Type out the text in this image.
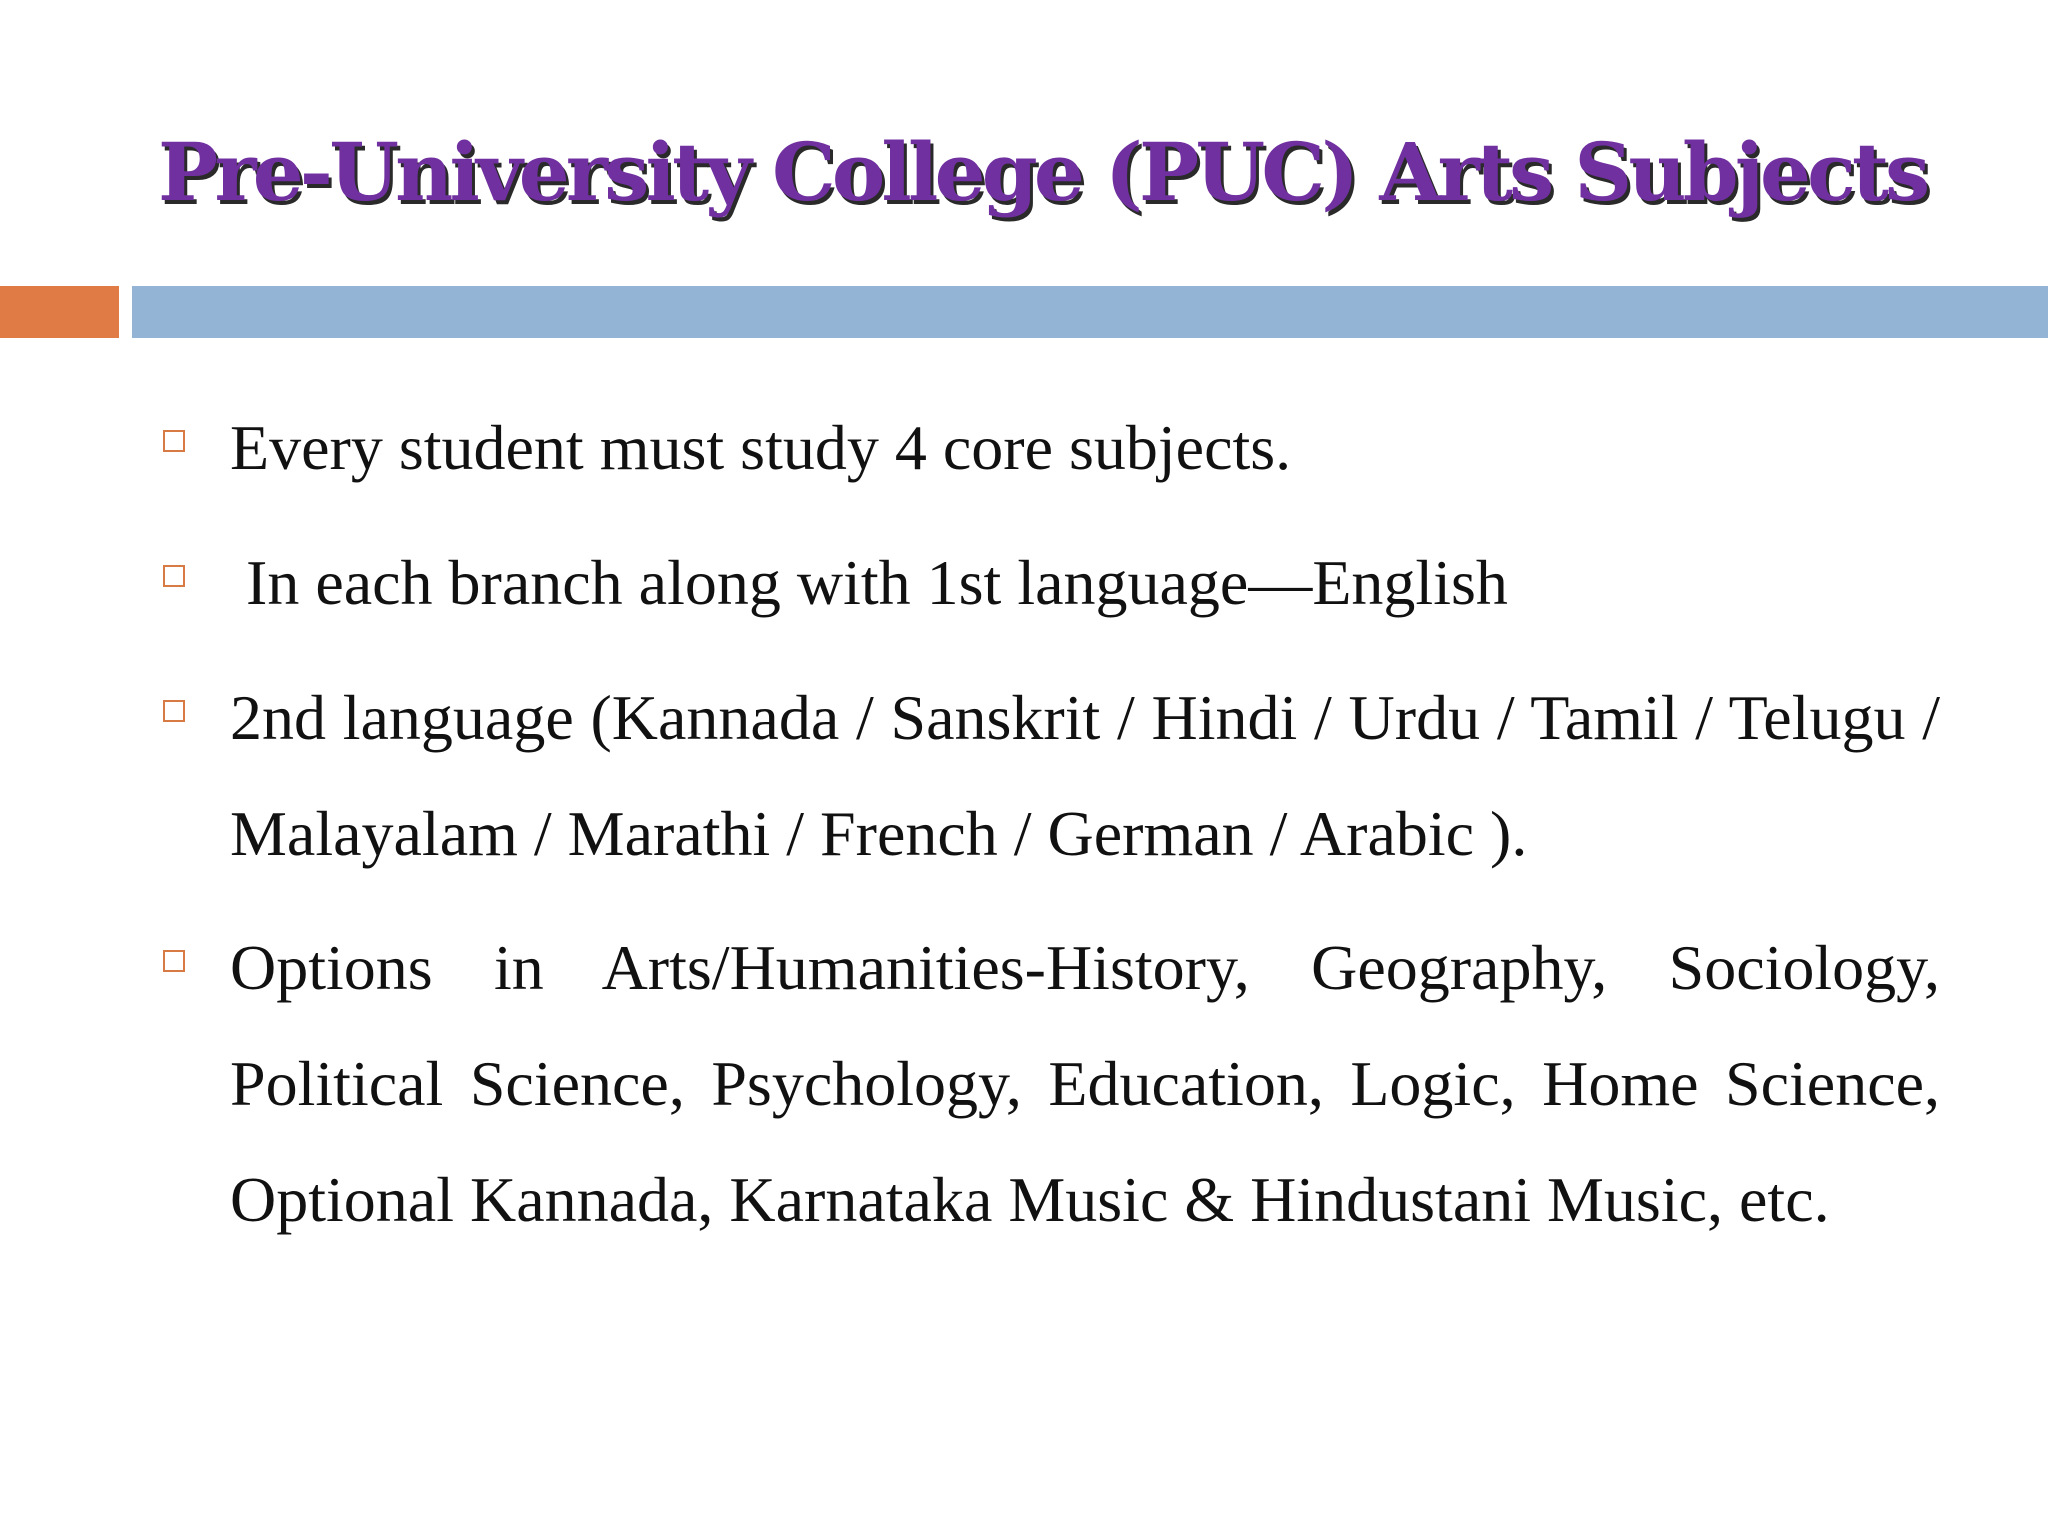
Pre-University College (PUC) Arts Subjects

Every student must study 4 core subjects.

In each branch along with 1st language—English

2nd language (Kannada / Sanskrit / Hindi / Urdu / Tamil / Telugu / Malayalam / Marathi / French / German / Arabic ).

Options in Arts/Humanities-History, Geography, Sociology, Political Science, Psychology, Education, Logic, Home Science, Optional Kannada, Karnataka Music & Hindustani Music, etc.
